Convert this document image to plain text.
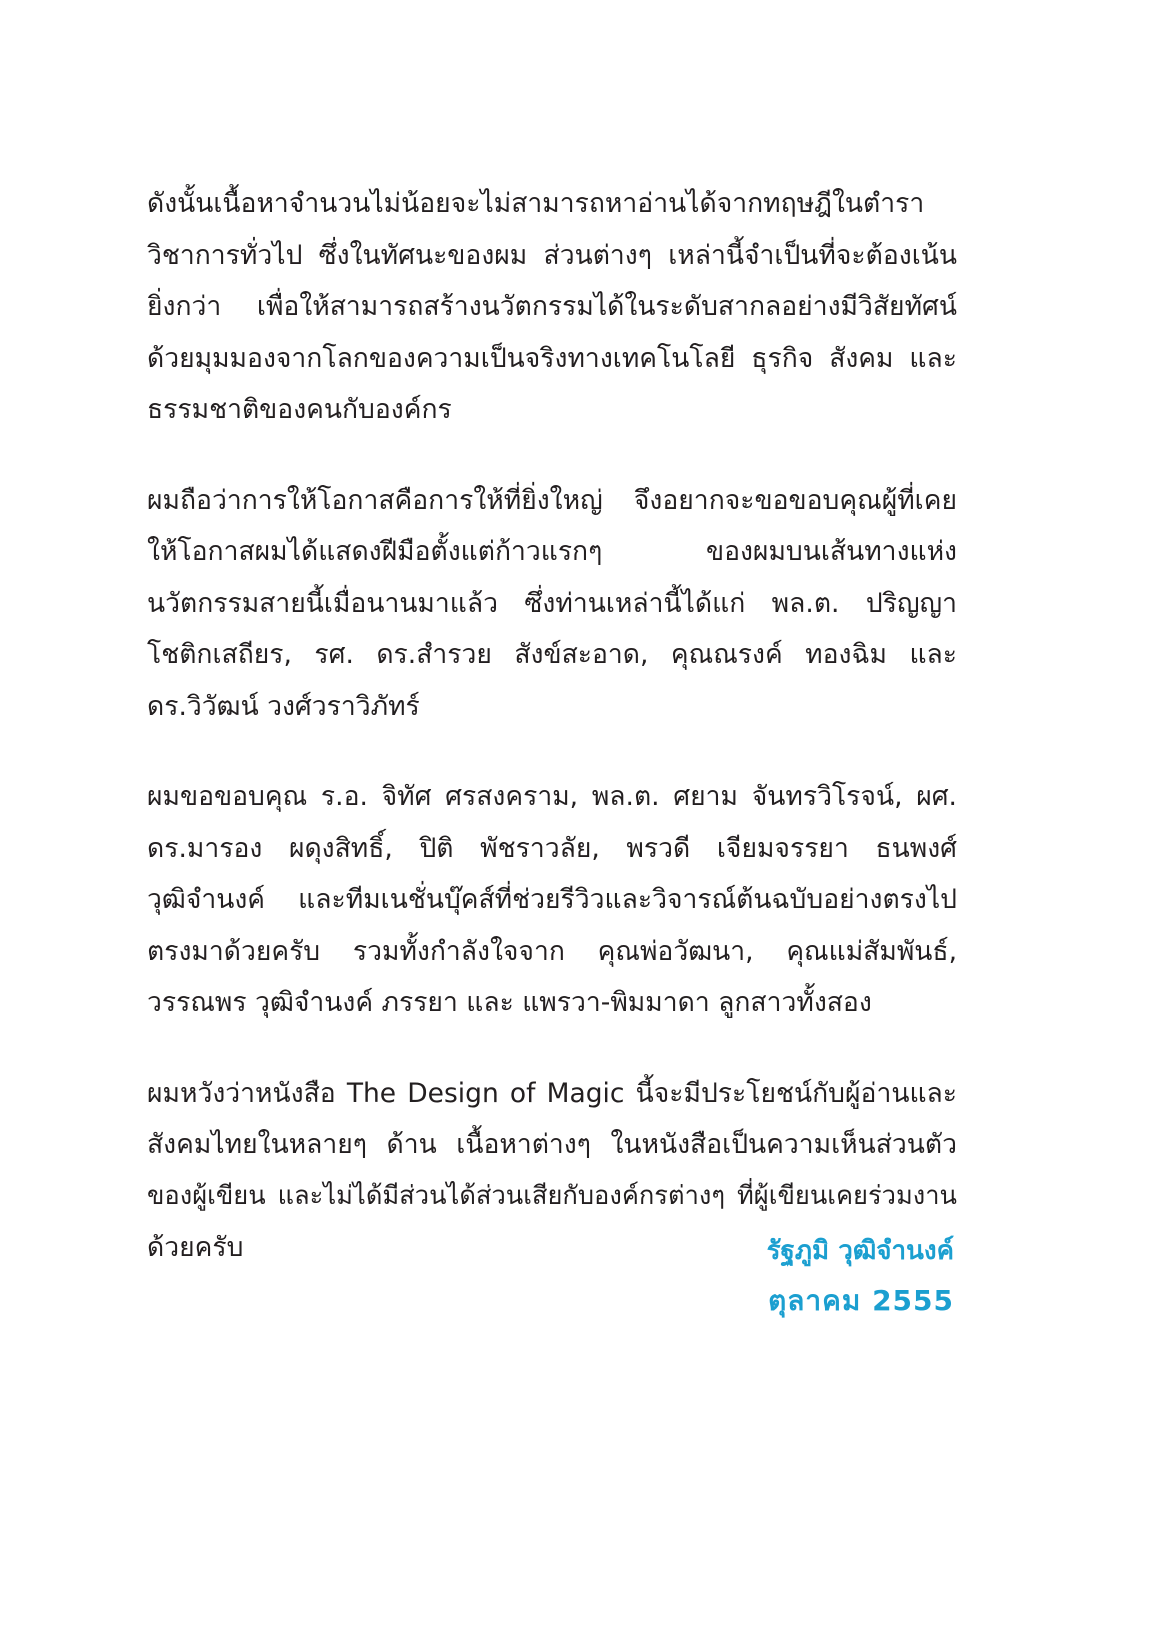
ดังนั้นเนื้อหาจำนวนไม่น้อยจะไม่สามารถหาอ่านได้จากทฤษฎีในตำรา
วิชาการทั่วไป ซึ่งในทัศนะของผม ส่วนต่างๆ เหล่านี้จำเป็นที่จะต้องเน้น
ยิ่งกว่า เพื่อให้สามารถสร้างนวัตกรรมได้ในระดับสากลอย่างมีวิสัยทัศน์
ด้วยมุมมองจากโลกของความเป็นจริงทางเทคโนโลยี ธุรกิจ สังคม และ
ธรรมชาติของคนกับองค์กร
ผมถือว่าการให้โอกาสคือการให้ที่ยิ่งใหญ่ จึงอยากจะขอขอบคุณผู้ที่เคย
ให้โอกาสผมได้แสดงฝีมือตั้งแต่ก้าวแรกๆ ของผมบนเส้นทางแห่ง
นวัตกรรมสายนี้เมื่อนานมาแล้ว ซึ่งท่านเหล่านี้ได้แก่ พล.ต. ปริญญา
โชติกเสถียร, รศ. ดร.สำรวย สังข์สะอาด, คุณณรงค์ ทองฉิม และ
ดร.วิวัฒน์ วงศ์วราวิภัทร์
ผมขอขอบคุณ ร.อ. จิทัศ ศรสงคราม, พล.ต. ศยาม จันทรวิโรจน์, ผศ.
ดร.มารอง ผดุงสิทธิ์, ปิติ พัชราวลัย, พรวดี เจียมจรรยา ธนพงศ์
วุฒิจำนงค์ และทีมเนชั่นบุ๊คส์ที่ช่วยรีวิวและวิจารณ์ต้นฉบับอย่างตรงไป
ตรงมาด้วยครับ รวมทั้งกำลังใจจาก คุณพ่อวัฒนา, คุณแม่สัมพันธ์,
วรรณพร วุฒิจำนงค์ ภรรยา และ แพรวา-พิมมาดา ลูกสาวทั้งสอง
ผมหวังว่าหนังสือ The Design of Magic นี้จะมีประโยชน์กับผู้อ่านและ
สังคมไทยในหลายๆ ด้าน เนื้อหาต่างๆ ในหนังสือเป็นความเห็นส่วนตัว
ของผู้เขียน และไม่ได้มีส่วนได้ส่วนเสียกับองค์กรต่างๆ ที่ผู้เขียนเคยร่วมงาน
ด้วยครับ	รัฐภูมิ วุฒิจำนงค์
ตุลาคม 2555
